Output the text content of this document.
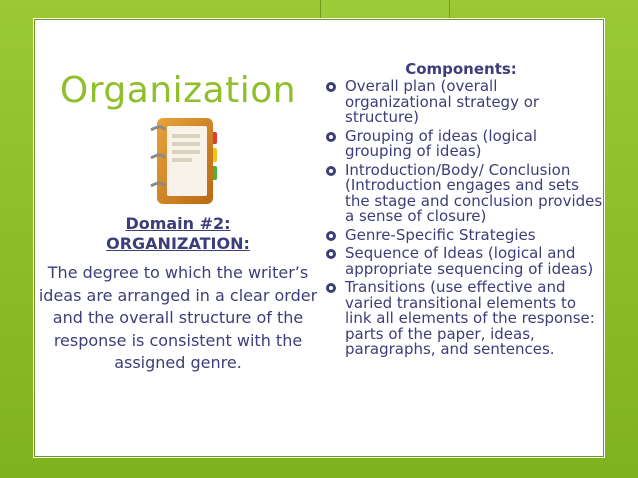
Organization
Domain #2:
ORGANIZATION:
The degree to which the writer’s ideas are arranged in a clear order and the overall structure of the response is consistent with the assigned genre.
Components:
Overall plan (overall organizational strategy or structure)
Grouping of ideas (logical grouping of ideas)
Introduction/Body/ Conclusion (Introduction engages and sets the stage and conclusion provides a sense of closure)
Genre-Specific Strategies
Sequence of Ideas (logical and appropriate sequencing of ideas)
Transitions (use effective and varied transitional elements to link all elements of the response: parts of the paper, ideas, paragraphs, and sentences.
